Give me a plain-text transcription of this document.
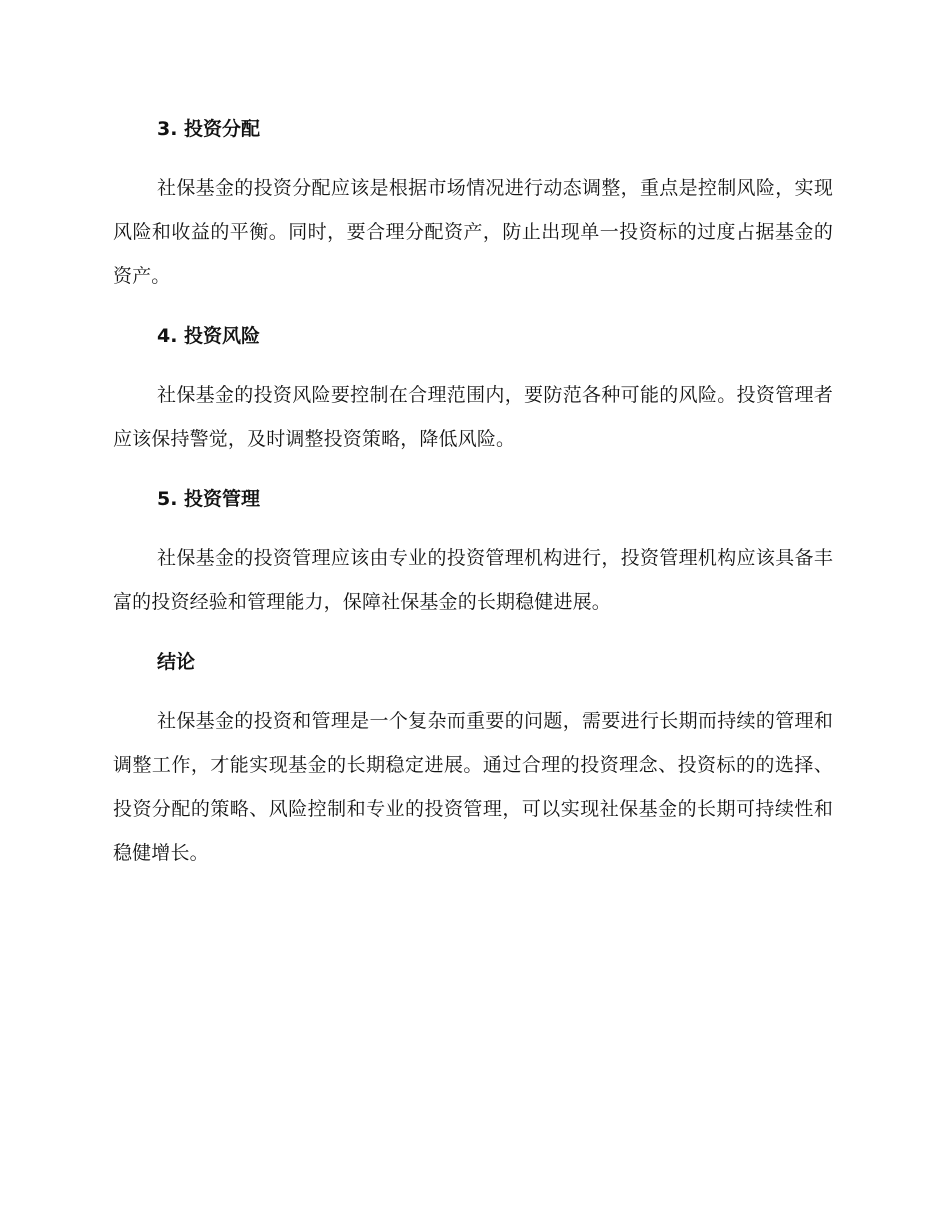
3. 投资分配

社保基金的投资分配应该是根据市场情况进行动态调整，重点是控制风险，实现风险和收益的平衡。同时，要合理分配资产，防止出现单一投资标的过度占据基金的资产。

4. 投资风险

社保基金的投资风险要控制在合理范围内，要防范各种可能的风险。投资管理者应该保持警觉，及时调整投资策略，降低风险。

5. 投资管理

社保基金的投资管理应该由专业的投资管理机构进行，投资管理机构应该具备丰富的投资经验和管理能力，保障社保基金的长期稳健进展。

结论

社保基金的投资和管理是一个复杂而重要的问题，需要进行长期而持续的管理和调整工作，才能实现基金的长期稳定进展。通过合理的投资理念、投资标的的选择、投资分配的策略、风险控制和专业的投资管理，可以实现社保基金的长期可持续性和稳健增长。
